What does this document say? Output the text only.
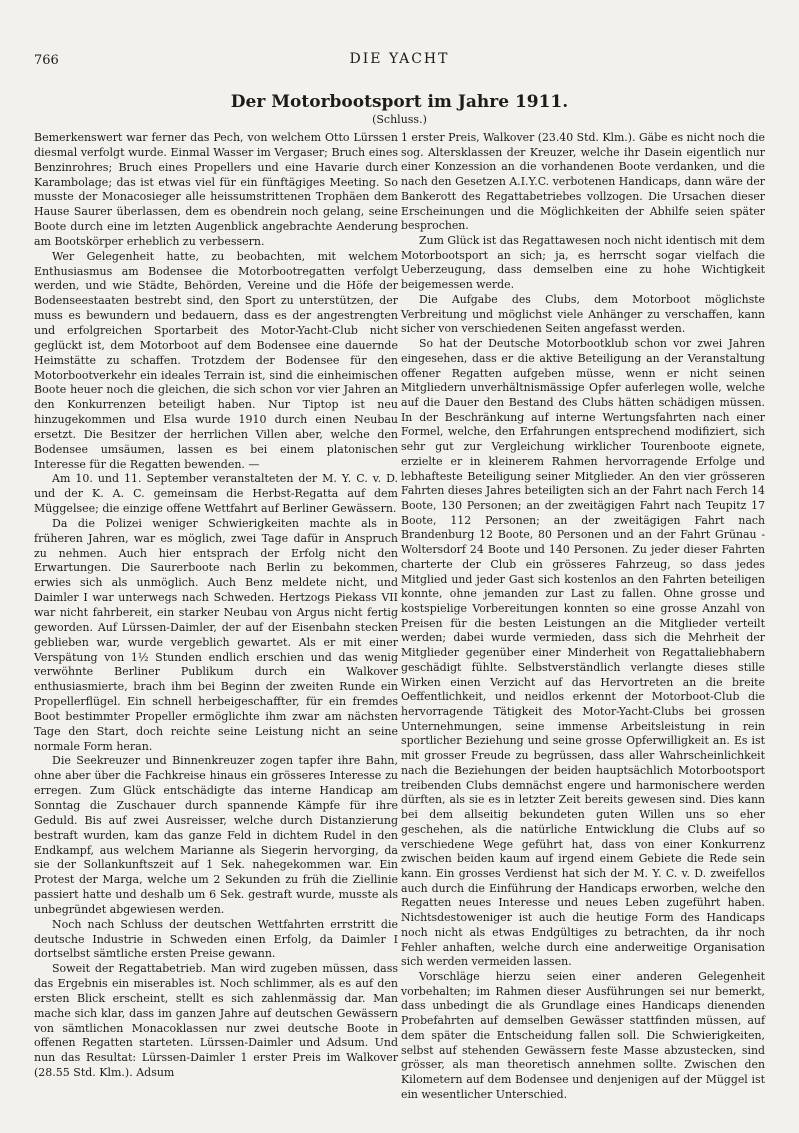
766	DIE YACHT
Der Motorbootsport im Jahre 1911.
(Schluss.)

Bemerkenswert war ferner das Pech, von welchem Otto Lürssen diesmal verfolgt wurde. Einmal Wasser im Vergaser; Bruch eines Benzinrohres; Bruch eines Propellers und eine Havarie durch Karambolage; das ist etwas viel für ein fünftägiges Meeting. So musste der Monacosieger alle heissumstrittenen Trophäen dem Hause Saurer überlassen, dem es obendrein noch gelang, seine Boote durch eine im letzten Augenblick angebrachte Aenderung am Bootskörper erheblich zu verbessern.

Wer Gelegenheit hatte, zu beobachten, mit welchem Enthusiasmus am Bodensee die Motorbootregatten verfolgt werden, und wie Städte, Behörden, Vereine und die Höfe der Bodenseestaaten bestrebt sind, den Sport zu unterstützen, der muss es bewundern und bedauern, dass es der angestrengten und erfolgreichen Sportarbeit des Motor-Yacht-Club nicht geglückt ist, dem Motorboot auf dem Bodensee eine dauernde Heimstätte zu schaffen. Trotzdem der Bodensee für den Motorbootverkehr ein ideales Terrain ist, sind die einheimischen Boote heuer noch die gleichen, die sich schon vor vier Jahren an den Konkurrenzen beteiligt haben. Nur Tiptop ist neu hinzugekommen und Elsa wurde 1910 durch einen Neubau ersetzt. Die Besitzer der herrlichen Villen aber, welche den Bodensee umsäumen, lassen es bei einem platonischen Interesse für die Regatten bewenden. —

Am 10. und 11. September veranstalteten der M. Y. C. v. D. und der K. A. C. gemeinsam die Herbst-Regatta auf dem Müggelsee; die einzige offene Wettfahrt auf Berliner Gewässern.

Da die Polizei weniger Schwierigkeiten machte als in früheren Jahren, war es möglich, zwei Tage dafür in Anspruch zu nehmen. Auch hier entsprach der Erfolg nicht den Erwartungen. Die Saurerboote nach Berlin zu bekommen, erwies sich als unmöglich. Auch Benz meldete nicht, und Daimler I war unterwegs nach Schweden. Hertzogs Piekass VII war nicht fahrbereit, ein starker Neubau von Argus nicht fertig geworden. Auf Lürssen-Daimler, der auf der Eisenbahn stecken geblieben war, wurde vergeblich gewartet. Als er mit einer Verspätung von 1½ Stunden endlich erschien und das wenig verwöhnte Berliner Publikum durch ein Walkover enthusiasmierte, brach ihm bei Beginn der zweiten Runde ein Propellerflügel. Ein schnell herbeigeschaffter, für ein fremdes Boot bestimmter Propeller ermöglichte ihm zwar am nächsten Tage den Start, doch reichte seine Leistung nicht an seine normale Form heran.

Die Seekreuzer und Binnenkreuzer zogen tapfer ihre Bahn, ohne aber über die Fachkreise hinaus ein grösseres Interesse zu erregen. Zum Glück entschädigte das interne Handicap am Sonntag die Zuschauer durch spannende Kämpfe für ihre Geduld. Bis auf zwei Ausreisser, welche durch Distanzierung bestraft wurden, kam das ganze Feld in dichtem Rudel in den Endkampf, aus welchem Marianne als Siegerin hervorging, da sie der Sollankunftszeit auf 1 Sek. nahegekommen war. Ein Protest der Marga, welche um 2 Sekunden zu früh die Ziellinie passiert hatte und deshalb um 6 Sek. gestraft wurde, musste als unbegründet abgewiesen werden.

Noch nach Schluss der deutschen Wettfahrten errstritt die deutsche Industrie in Schweden einen Erfolg, da Daimler I dortselbst sämtliche ersten Preise gewann.

Soweit der Regattabetrieb. Man wird zugeben müssen, dass das Ergebnis ein miserables ist. Noch schlimmer, als es auf den ersten Blick erscheint, stellt es sich zahlenmässig dar. Man mache sich klar, dass im ganzen Jahre auf deutschen Gewässern von sämtlichen Monacoklassen nur zwei deutsche Boote in offenen Regatten starteten. Lürssen-Daimler und Adsum. Und nun das Resultat: Lürssen-Daimler 1 erster Preis im Walkover (28.55 Std. Klm.). Adsum

1 erster Preis, Walkover (23.40 Std. Klm.). Gäbe es nicht noch die sog. Altersklassen der Kreuzer, welche ihr Dasein eigentlich nur einer Konzession an die vorhandenen Boote verdanken, und die nach den Gesetzen A.I.Y.C. verbotenen Handicaps, dann wäre der Bankerott des Regattabetriebes vollzogen. Die Ursachen dieser Erscheinungen und die Möglichkeiten der Abhilfe seien später besprochen.

Zum Glück ist das Regattawesen noch nicht identisch mit dem Motorbootsport an sich; ja, es herrscht sogar vielfach die Ueberzeugung, dass demselben eine zu hohe Wichtigkeit beigemessen werde.

Die Aufgabe des Clubs, dem Motorboot möglichste Verbreitung und möglichst viele Anhänger zu verschaffen, kann sicher von verschiedenen Seiten angefasst werden.

So hat der Deutsche Motorbootklub schon vor zwei Jahren eingesehen, dass er die aktive Beteiligung an der Veranstaltung offener Regatten aufgeben müsse, wenn er nicht seinen Mitgliedern unverhältnismässige Opfer auferlegen wolle, welche auf die Dauer den Bestand des Clubs hätten schädigen müssen. In der Beschränkung auf interne Wertungsfahrten nach einer Formel, welche, den Erfahrungen entsprechend modifiziert, sich sehr gut zur Vergleichung wirklicher Tourenboote eignete, erzielte er in kleinerem Rahmen hervorragende Erfolge und lebhafteste Beteiligung seiner Mitglieder. An den vier grösseren Fahrten dieses Jahres beteiligten sich an der Fahrt nach Ferch 14 Boote, 130 Personen; an der zweitägigen Fahrt nach Teupitz 17 Boote, 112 Personen; an der zweitägigen Fahrt nach Brandenburg 12 Boote, 80 Personen und an der Fahrt Grünau - Woltersdorf 24 Boote und 140 Personen. Zu jeder dieser Fahrten charterte der Club ein grösseres Fahrzeug, so dass jedes Mitglied und jeder Gast sich kostenlos an den Fahrten beteiligen konnte, ohne jemanden zur Last zu fallen. Ohne grosse und kostspielige Vorbereitungen konnten so eine grosse Anzahl von Preisen für die besten Leistungen an die Mitglieder verteilt werden; dabei wurde vermieden, dass sich die Mehrheit der Mitglieder gegenüber einer Minderheit von Regattaliebhabern geschädigt fühlte. Selbstverständlich verlangte dieses stille Wirken einen Verzicht auf das Hervortreten an die breite Oeffentlichkeit, und neidlos erkennt der Motorboot-Club die hervorragende Tätigkeit des Motor-Yacht-Clubs bei grossen Unternehmungen, seine immense Arbeitsleistung in rein sportlicher Beziehung und seine grosse Opferwilligkeit an. Es ist mit grosser Freude zu begrüssen, dass aller Wahrscheinlichkeit nach die Beziehungen der beiden hauptsächlich Motorbootsport treibenden Clubs demnächst engere und harmonischere werden dürften, als sie es in letzter Zeit bereits gewesen sind. Dies kann bei dem allseitig bekundeten guten Willen uns so eher geschehen, als die natürliche Entwicklung die Clubs auf so verschiedene Wege geführt hat, dass von einer Konkurrenz zwischen beiden kaum auf irgend einem Gebiete die Rede sein kann. Ein grosses Verdienst hat sich der M. Y. C. v. D. zweifellos auch durch die Einführung der Handicaps erworben, welche den Regatten neues Interesse und neues Leben zugeführt haben. Nichtsdestoweniger ist auch die heutige Form des Handicaps noch nicht als etwas Endgültiges zu betrachten, da ihr noch Fehler anhaften, welche durch eine anderweitige Organisation sich werden vermeiden lassen.

Vorschläge hierzu seien einer anderen Gelegenheit vorbehalten; im Rahmen dieser Ausführungen sei nur bemerkt, dass unbedingt die als Grundlage eines Handicaps dienenden Probefahrten auf demselben Gewässer stattfinden müssen, auf dem später die Entscheidung fallen soll. Die Schwierigkeiten, selbst auf stehenden Gewässern feste Masse abzustecken, sind grösser, als man theoretisch annehmen sollte. Zwischen den Kilometern auf dem Bodensee und denjenigen auf der Müggel ist ein wesentlicher Unterschied.
